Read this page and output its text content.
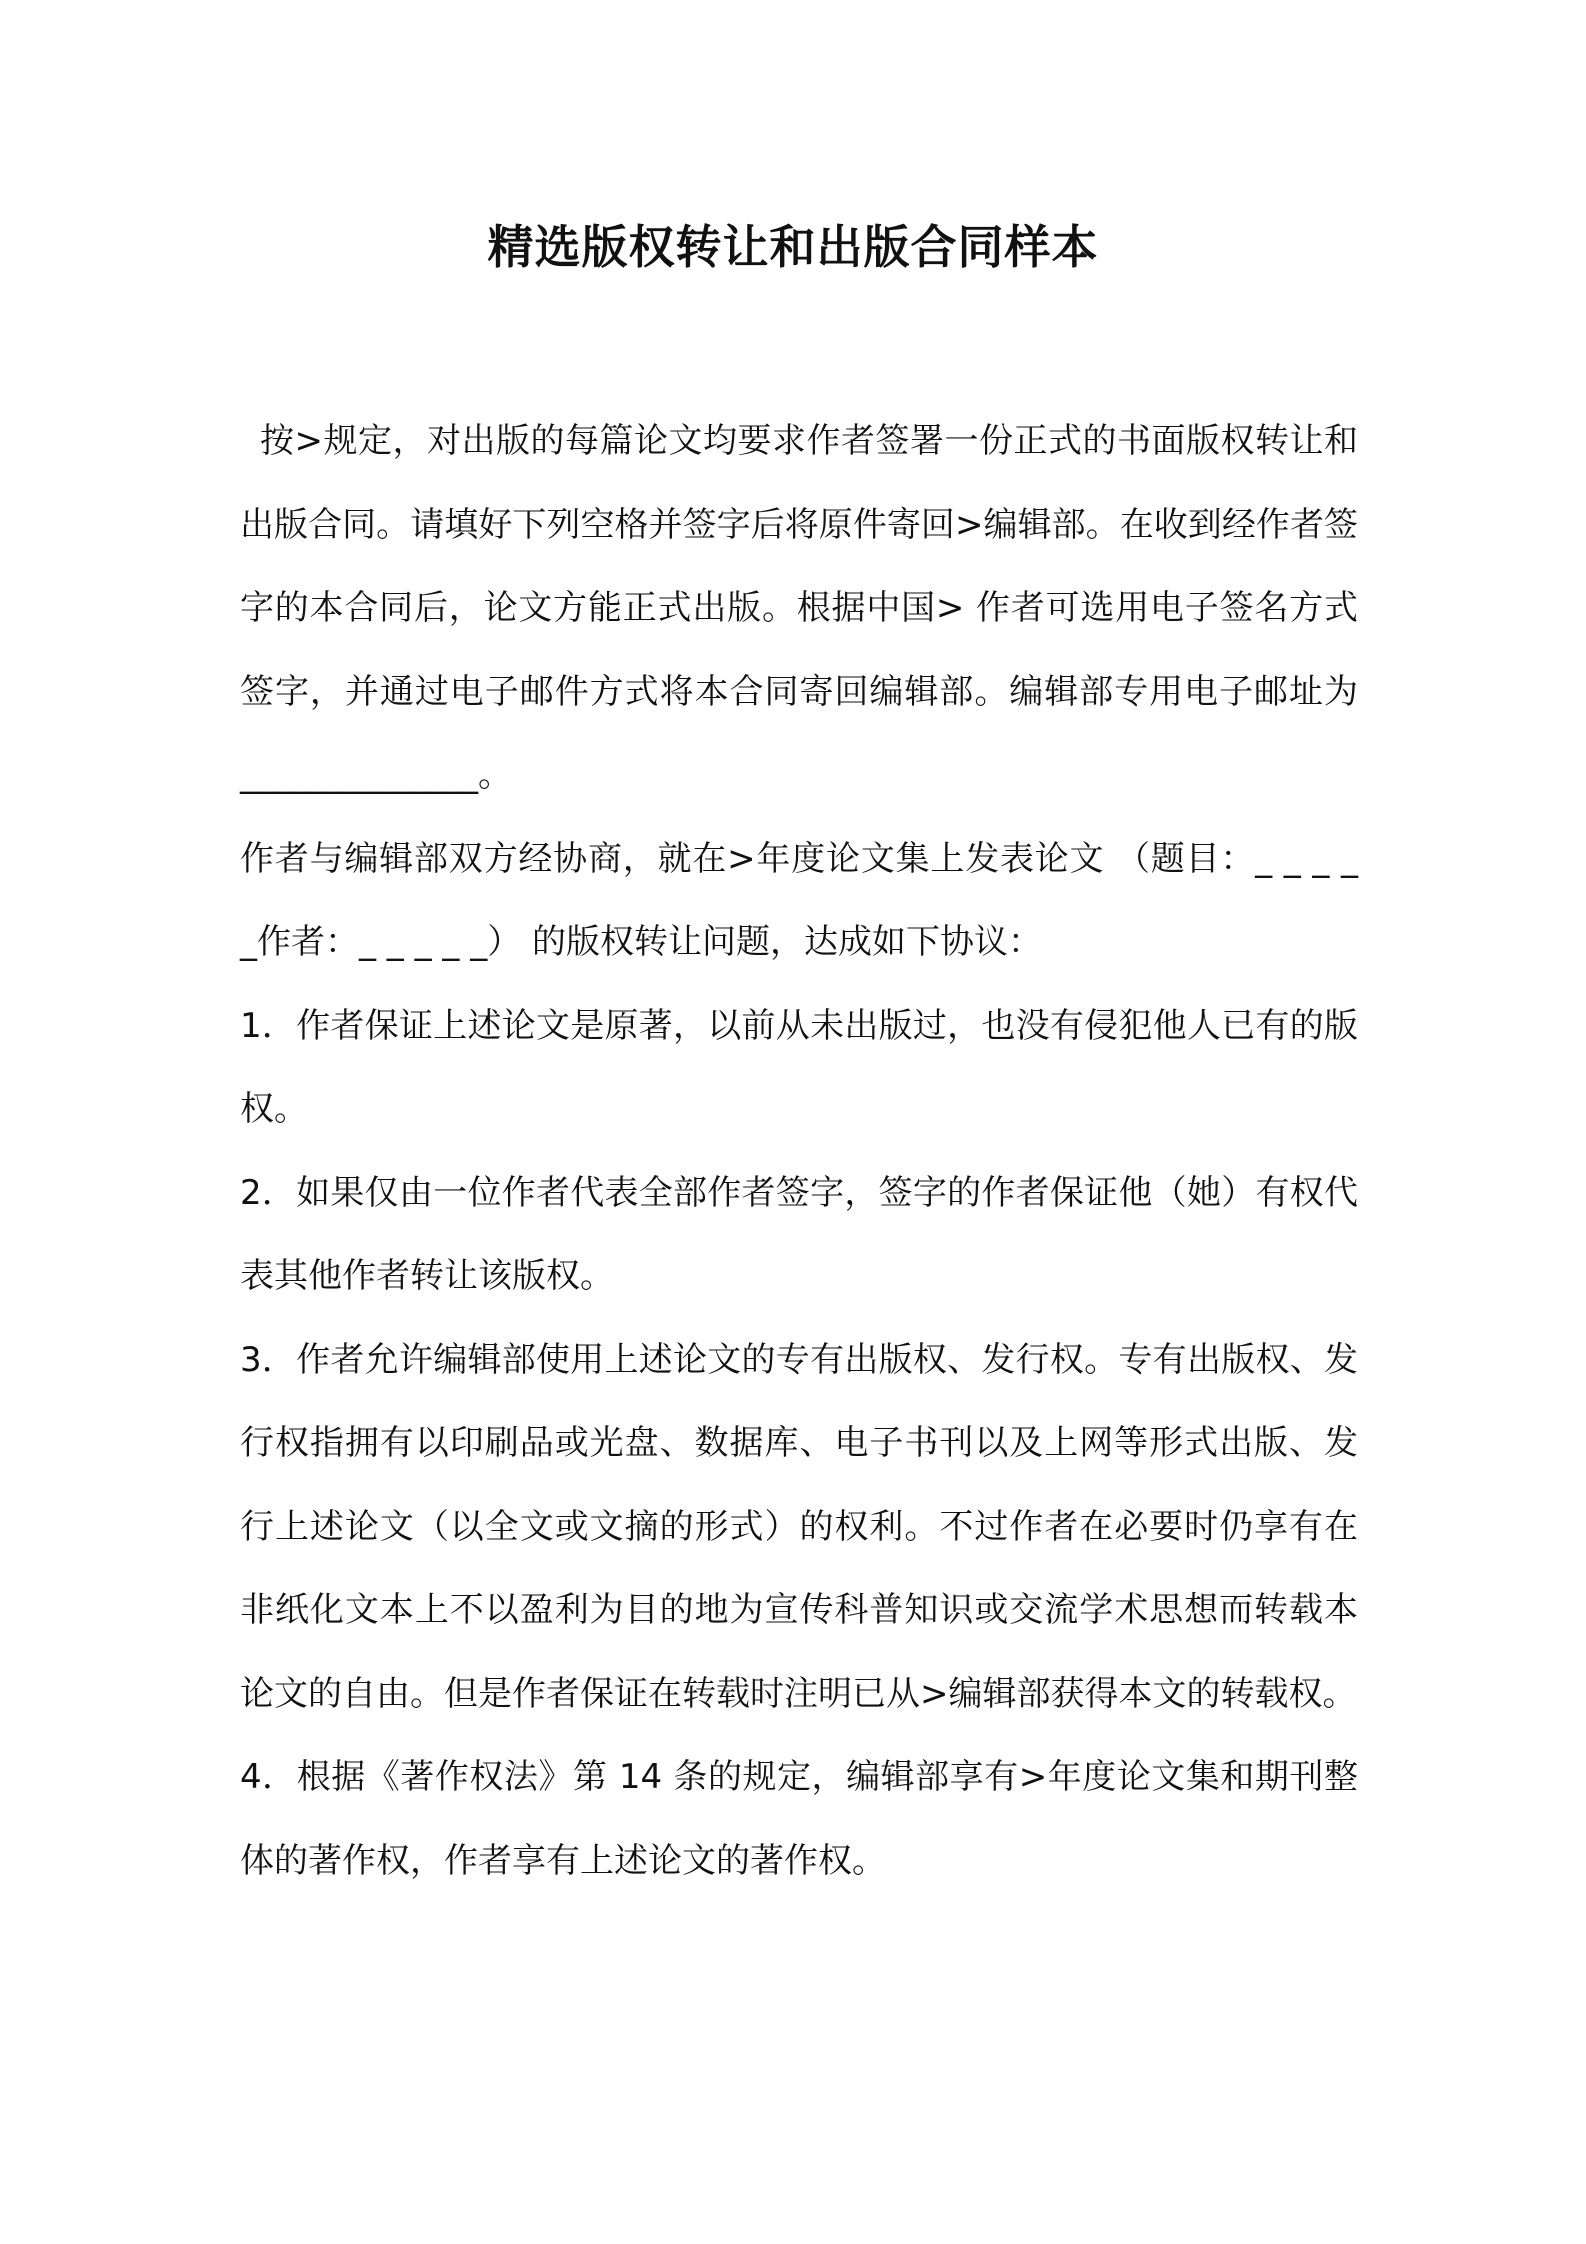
精选版权转让和出版合同样本

按>规定，对出版的每篇论文均要求作者签署一份正式的书面版权转让和出版合同。请填好下列空格并签字后将原件寄回>编辑部。在收到经作者签字的本合同后，论文方能正式出版。根据中国> 作者可选用电子签名方式签字，并通过电子邮件方式将本合同寄回编辑部。编辑部专用电子邮址为 ______________。

作者与编辑部双方经协商，就在>年度论文集上发表论文 （题目：_ _ _ _ _作者：_ _ _ _ _） 的版权转让问题，达成如下协议：

1．作者保证上述论文是原著，以前从未出版过，也没有侵犯他人已有的版权。

2．如果仅由一位作者代表全部作者签字，签字的作者保证他（她）有权代表其他作者转让该版权。

3．作者允许编辑部使用上述论文的专有出版权、发行权。专有出版权、发行权指拥有以印刷品或光盘、数据库、电子书刊以及上网等形式出版、发行上述论文（以全文或文摘的形式）的权利。不过作者在必要时仍享有在非纸化文本上不以盈利为目的地为宣传科普知识或交流学术思想而转载本论文的自由。但是作者保证在转载时注明已从>编辑部获得本文的转载权。

4．根据《著作权法》第 14 条的规定，编辑部享有>年度论文集和期刊整体的著作权，作者享有上述论文的著作权。
